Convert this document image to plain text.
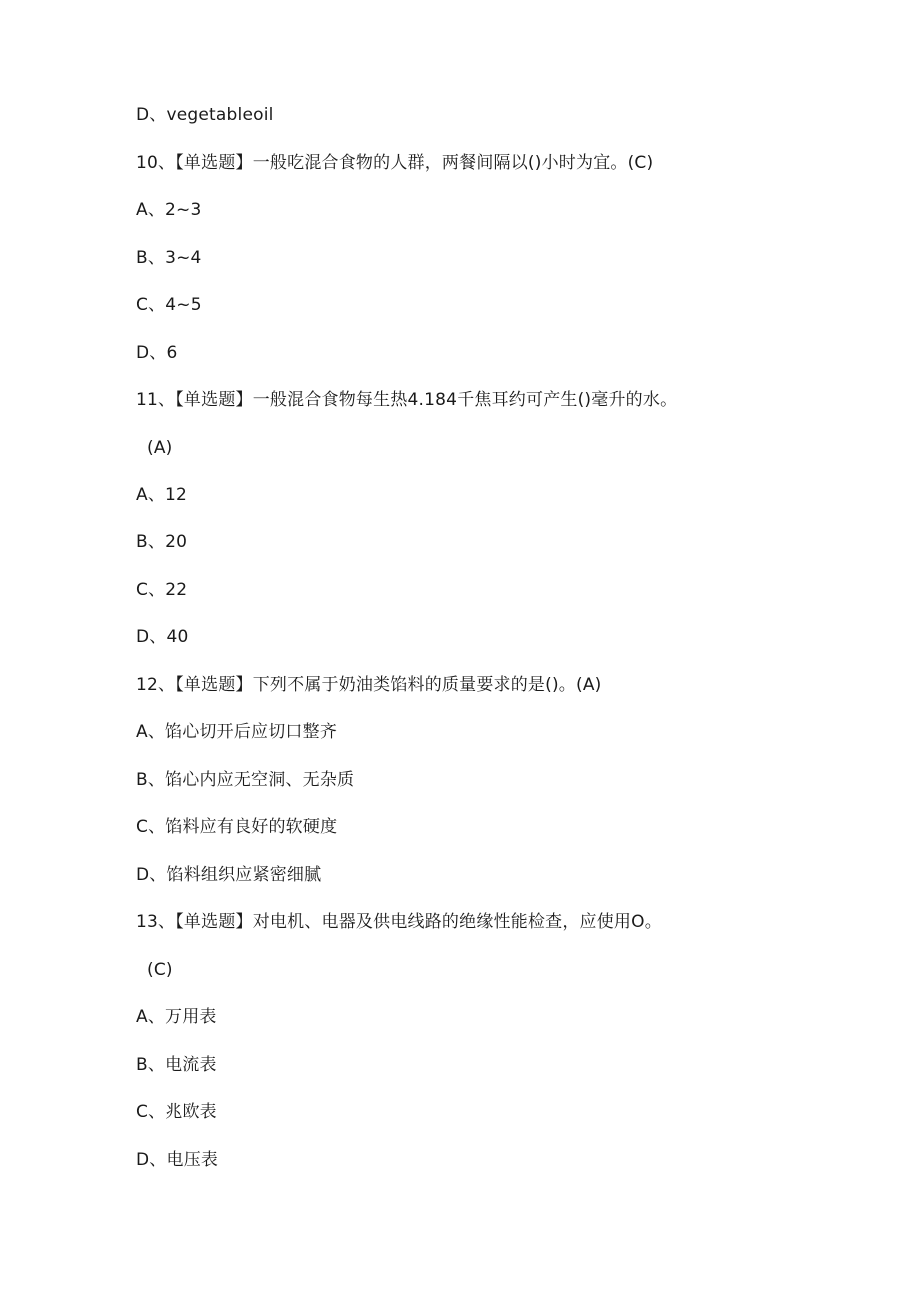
D、vegetableoil
10、【单选题】一般吃混合食物的人群，两餐间隔以()小时为宜。(C)
A、2~3
B、3~4
C、4~5
D、6
11、【单选题】一般混合食物每生热4.184千焦耳约可产生()毫升的水。
(A)
A、12
B、20
C、22
D、40
12、【单选题】下列不属于奶油类馅料的质量要求的是()。(A)
A、馅心切开后应切口整齐
B、馅心内应无空洞、无杂质
C、馅料应有良好的软硬度
D、馅料组织应紧密细腻
13、【单选题】对电机、电器及供电线路的绝缘性能检查，应使用O。
(C)
A、万用表
B、电流表
C、兆欧表
D、电压表
